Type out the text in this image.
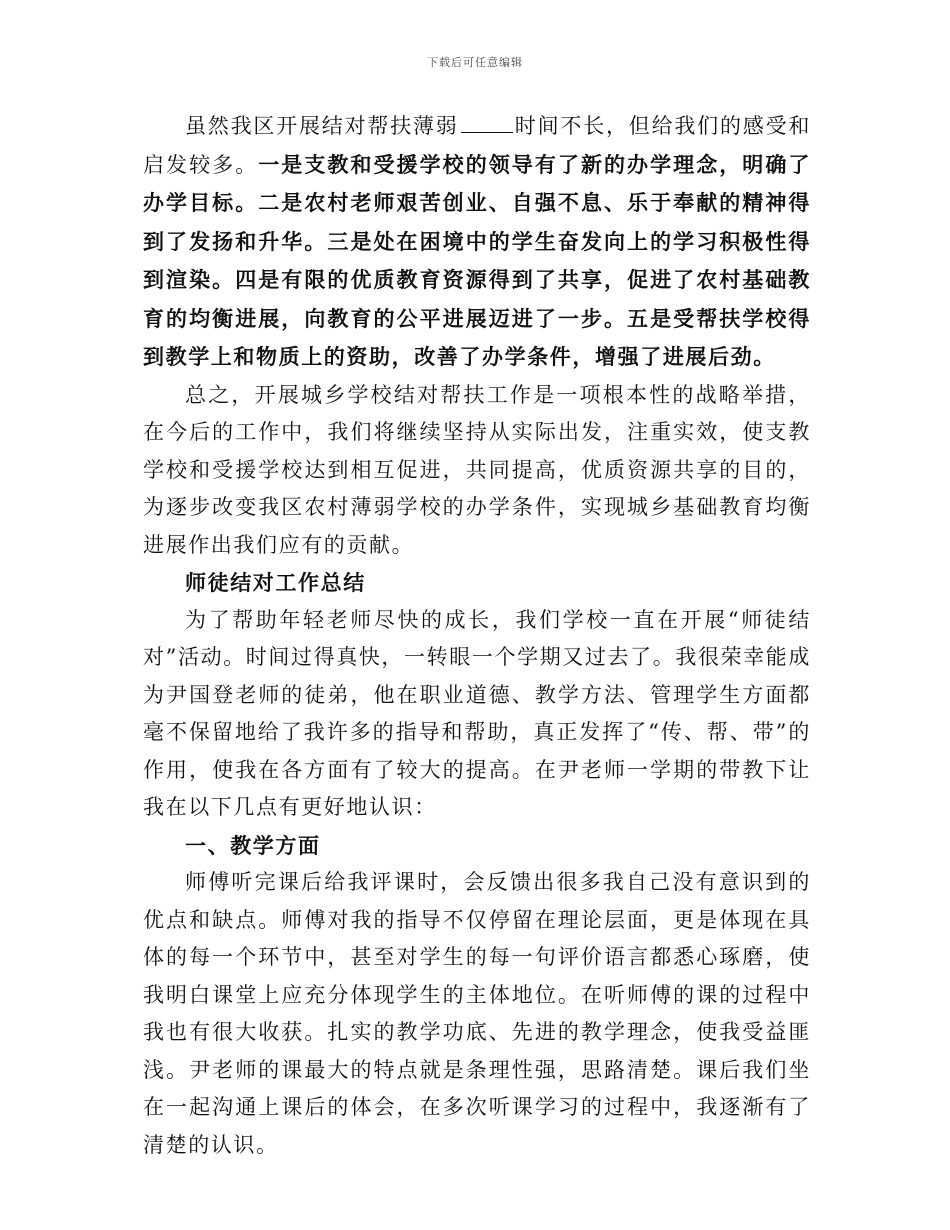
下载后可任意编辑

虽然我区开展结对帮扶薄弱	时间不长，但给我们的感受和启发较多。一是支教和受援学校的领导有了新的办学理念，明确了办学目标。二是农村老师艰苦创业、自强不息、乐于奉献的精神得到了发扬和升华。三是处在困境中的学生奋发向上的学习积极性得到渲染。四是有限的优质教育资源得到了共享，促进了农村基础教育的均衡进展，向教育的公平进展迈进了一步。五是受帮扶学校得到教学上和物质上的资助，改善了办学条件，增强了进展后劲。

总之，开展城乡学校结对帮扶工作是一项根本性的战略举措，在今后的工作中，我们将继续坚持从实际出发，注重实效，使支教学校和受援学校达到相互促进，共同提高，优质资源共享的目的，为逐步改变我区农村薄弱学校的办学条件，实现城乡基础教育均衡进展作出我们应有的贡献。

师徒结对工作总结

为了帮助年轻老师尽快的成长，我们学校一直在开展“师徒结对”活动。时间过得真快，一转眼一个学期又过去了。我很荣幸能成为尹国登老师的徒弟，他在职业道德、教学方法、管理学生方面都毫不保留地给了我许多的指导和帮助，真正发挥了“传、帮、带”的作用，使我在各方面有了较大的提高。在尹老师一学期的带教下让我在以下几点有更好地认识：

一、教学方面

师傅听完课后给我评课时，会反馈出很多我自己没有意识到的优点和缺点。师傅对我的指导不仅停留在理论层面，更是体现在具体的每一个环节中，甚至对学生的每一句评价语言都悉心琢磨，使我明白课堂上应充分体现学生的主体地位。在听师傅的课的过程中我也有很大收获。扎实的教学功底、先进的教学理念，使我受益匪浅。尹老师的课最大的特点就是条理性强，思路清楚。课后我们坐在一起沟通上课后的体会，在多次听课学习的过程中，我逐渐有了清楚的认识。
